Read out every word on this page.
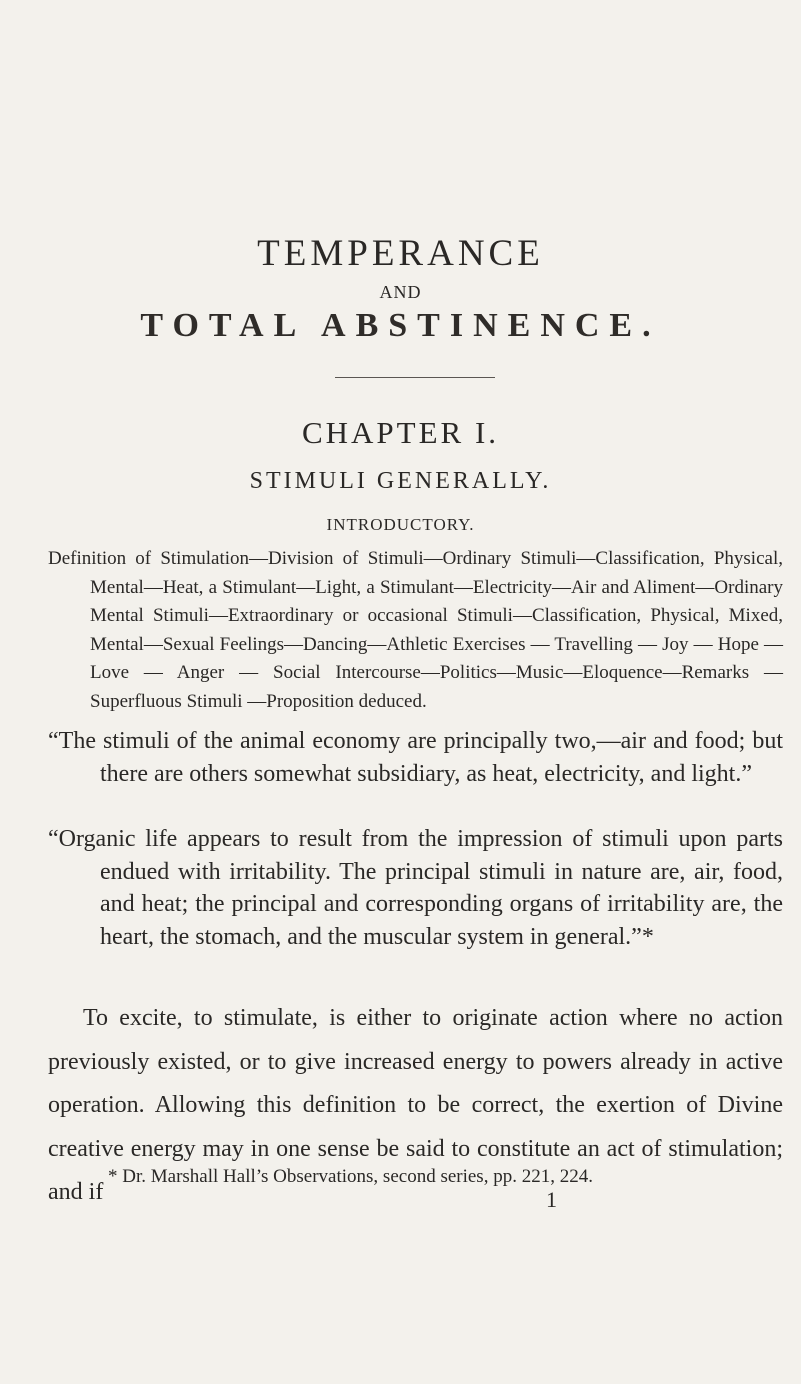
TEMPERANCE
AND
TOTAL ABSTINENCE.
CHAPTER I.
STIMULI GENERALLY.
INTRODUCTORY.
Definition of Stimulation—Division of Stimuli—Ordinary Stimuli—Classification, Physical, Mental—Heat, a Stimulant—Light, a Stimulant—Electricity—Air and Aliment—Ordinary Mental Stimuli—Extraordinary or occasional Stimuli—Classification, Physical, Mixed, Mental—Sexual Feelings—Dancing—Athletic Exercises — Travelling — Joy — Hope — Love — Anger — Social Intercourse—Politics—Music—Eloquence—Remarks — Superfluous Stimuli —Proposition deduced.
“The stimuli of the animal economy are principally two,—air and food; but there are others somewhat subsidiary, as heat, electricity, and light.”
“Organic life appears to result from the impression of stimuli upon parts endued with irritability. The principal stimuli in nature are, air, food, and heat; the principal and corresponding organs of irritability are, the heart, the stomach, and the muscular system in general.”*
To excite, to stimulate, is either to originate action where no action previously existed, or to give increased energy to powers already in active operation. Allowing this definition to be correct, the exertion of Divine creative energy may in one sense be said to constitute an act of stimulation; and if
* Dr. Marshall Hall’s Observations, second series, pp. 221, 224.
1
